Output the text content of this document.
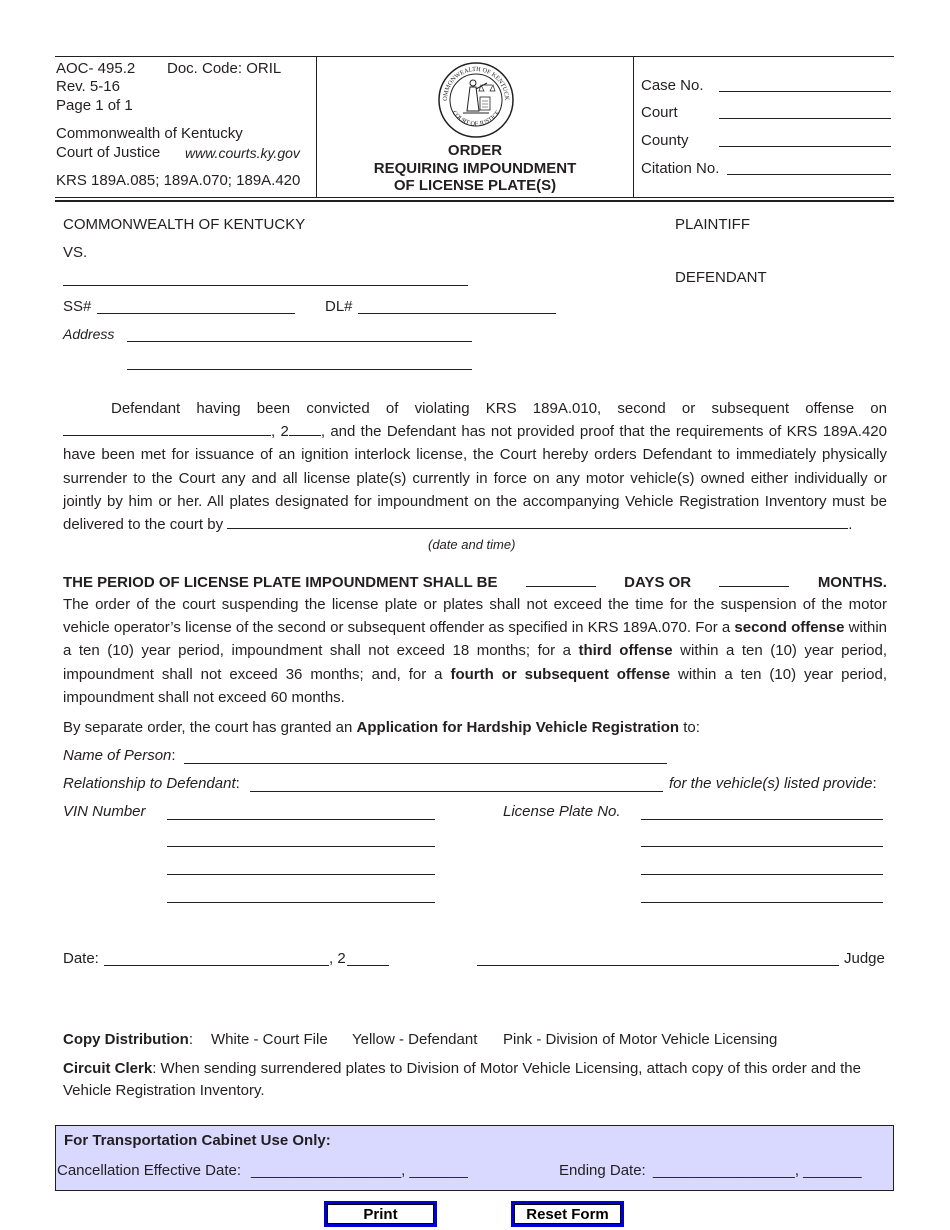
AOC- 495.2 Doc. Code: ORIL
Rev. 5-16
Page 1 of 1
Commonwealth of Kentucky
Court of Justice www.courts.ky.gov
KRS 189A.085; 189A.070; 189A.420
OMMONWEALTH OF KENTUCK
COURT OF JUSTICE
ORDER
REQUIRING IMPOUNDMENT
OF LICENSE PLATE(S)
Case No.
Court
County
Citation No.
COMMONWEALTH OF KENTUCKY	PLAINTIFF
VS.
DEFENDANT
SS#	DL#
Address

Defendant having been convicted of violating KRS 189A.010, second or subsequent offense on , 2 , and the Defendant has not provided proof that the requirements of KRS 189A.420 have been met for issuance of an ignition interlock license, the Court hereby orders Defendant to immediately physically surrender to the Court any and all license plate(s) currently in force on any motor vehicle(s) owned either individually or jointly by him or her. All plates designated for impoundment on the accompanying Vehicle Registration Inventory must be delivered to the court by	.

(date and time)
THE PERIOD OF LICENSE PLATE IMPOUNDMENT SHALL BE	DAYS OR	MONTHS.

The order of the court suspending the license plate or plates shall not exceed the time for the suspension of the motor vehicle operator’s license of the second or subsequent offender as specified in KRS 189A.070. For a second offense within a ten (10) year period, impoundment shall not exceed 18 months; for a third offense within a ten (10) year period, impoundment shall not exceed 36 months; and, for a fourth or subsequent offense within a ten (10) year period, impoundment shall not exceed 60 months.

By separate order, the court has granted an Application for Hardship Vehicle Registration to:
Name of Person:
Relationship to Defendant:	for the vehicle(s) listed provide:
VIN Number	License Plate No.
Date:	, 2	Judge
Copy Distribution: White - Court File Yellow - Defendant Pink - Division of Motor Vehicle Licensing
Circuit Clerk: When sending surrendered plates to Division of Motor Vehicle Licensing, attach copy of this order and the Vehicle Registration Inventory.
For Transportation Cabinet Use Only:
Cancellation Effective Date: __________________, _______	Ending Date: _________________, _______
Print	Reset Form
